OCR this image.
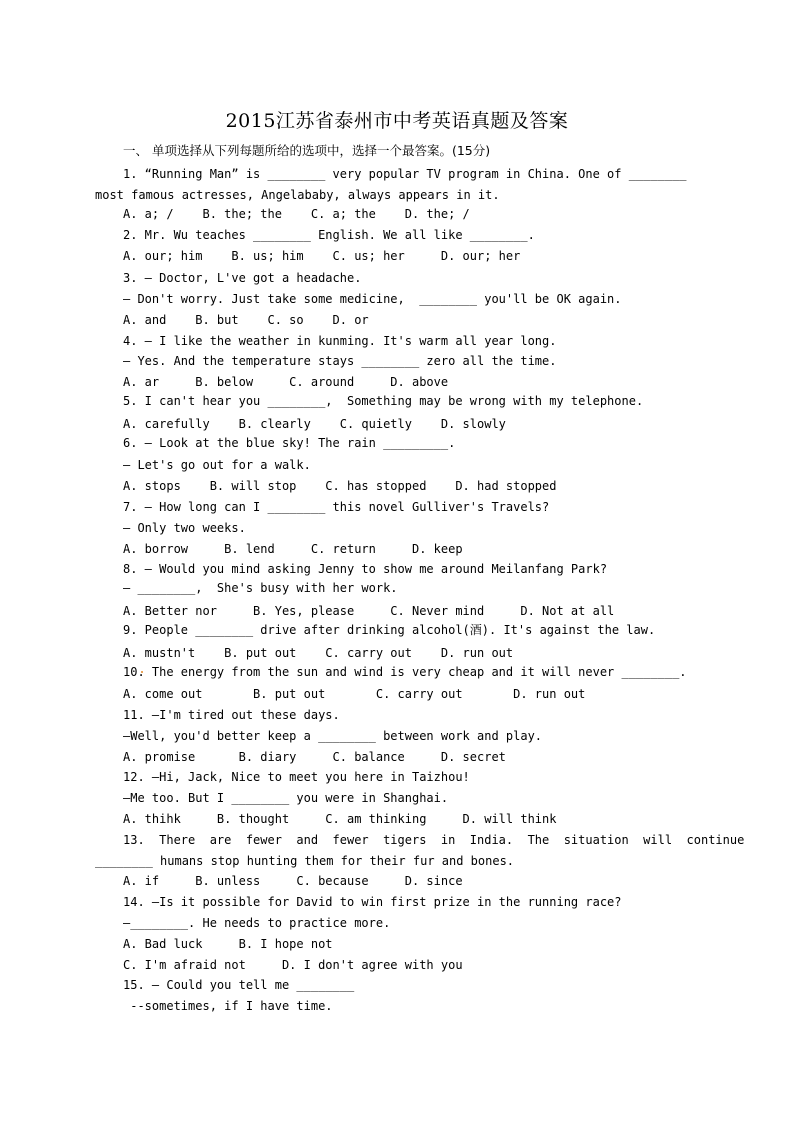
2015江苏省泰州市中考英语真题及答案
一、 单项选择从下列每题所给的选项中，选择一个最答案。(15分)
1. “Running Man” is ________ very popular TV program in China. One of ________
most famous actresses, Angelababy, always appears in it.
A. a; /    B. the; the    C. a; the    D. the; /
2. Mr. Wu teaches ________ English. We all like ________.
A. our; him    B. us; him    C. us; her     D. our; her
3. — Doctor, L've got a headache.
— Don't worry. Just take some medicine,  ________ you'll be OK again.
A. and    B. but    C. so    D. or
4. — I like the weather in kunming. It's warm all year long.
— Yes. And the temperature stays ________ zero all the time.
A. ar     B. below     C. around     D. above
5. I can't hear you ________,  Something may be wrong with my telephone.
A. carefully    B. clearly    C. quietly    D. slowly
6. — Look at the blue sky! The rain _________.
— Let's go out for a walk.
A. stops    B. will stop    C. has stopped    D. had stopped
7. — How long can I ________ this novel Gulliver's Travels?
— Only two weeks.
A. borrow     B. lend     C. return     D. keep
8. — Would you mind asking Jenny to show me around Meilanfang Park?
— ________,  She's busy with her work.
A. Better nor     B. Yes, please     C. Never mind     D. Not at all
9. People ________ drive after drinking alcohol(酒). It's against the law.
A. mustn't    B. put out    C. carry out    D. run out
10. The energy from the sun and wind is very cheap and it will never ________.
A. come out       B. put out       C. carry out       D. run out
11. —I'm tired out these days.
—Well, you'd better keep a ________ between work and play.
A. promise      B. diary     C. balance     D. secret
12. —Hi, Jack, Nice to meet you here in Taizhou!
—Me too. But I ________ you were in Shanghai.
A. thihk     B. thought     C. am thinking     D. will think
13.  There  are  fewer  and  fewer  tigers  in  India.  The  situation  will  continue
________ humans stop hunting them for their fur and bones.
A. if     B. unless     C. because     D. since
14. —Is it possible for David to win first prize in the running race?
—________. He needs to practice more.
A. Bad luck     B. I hope not
C. I'm afraid not     D. I don't agree with you
15. — Could you tell me ________
--sometimes, if I have time.
